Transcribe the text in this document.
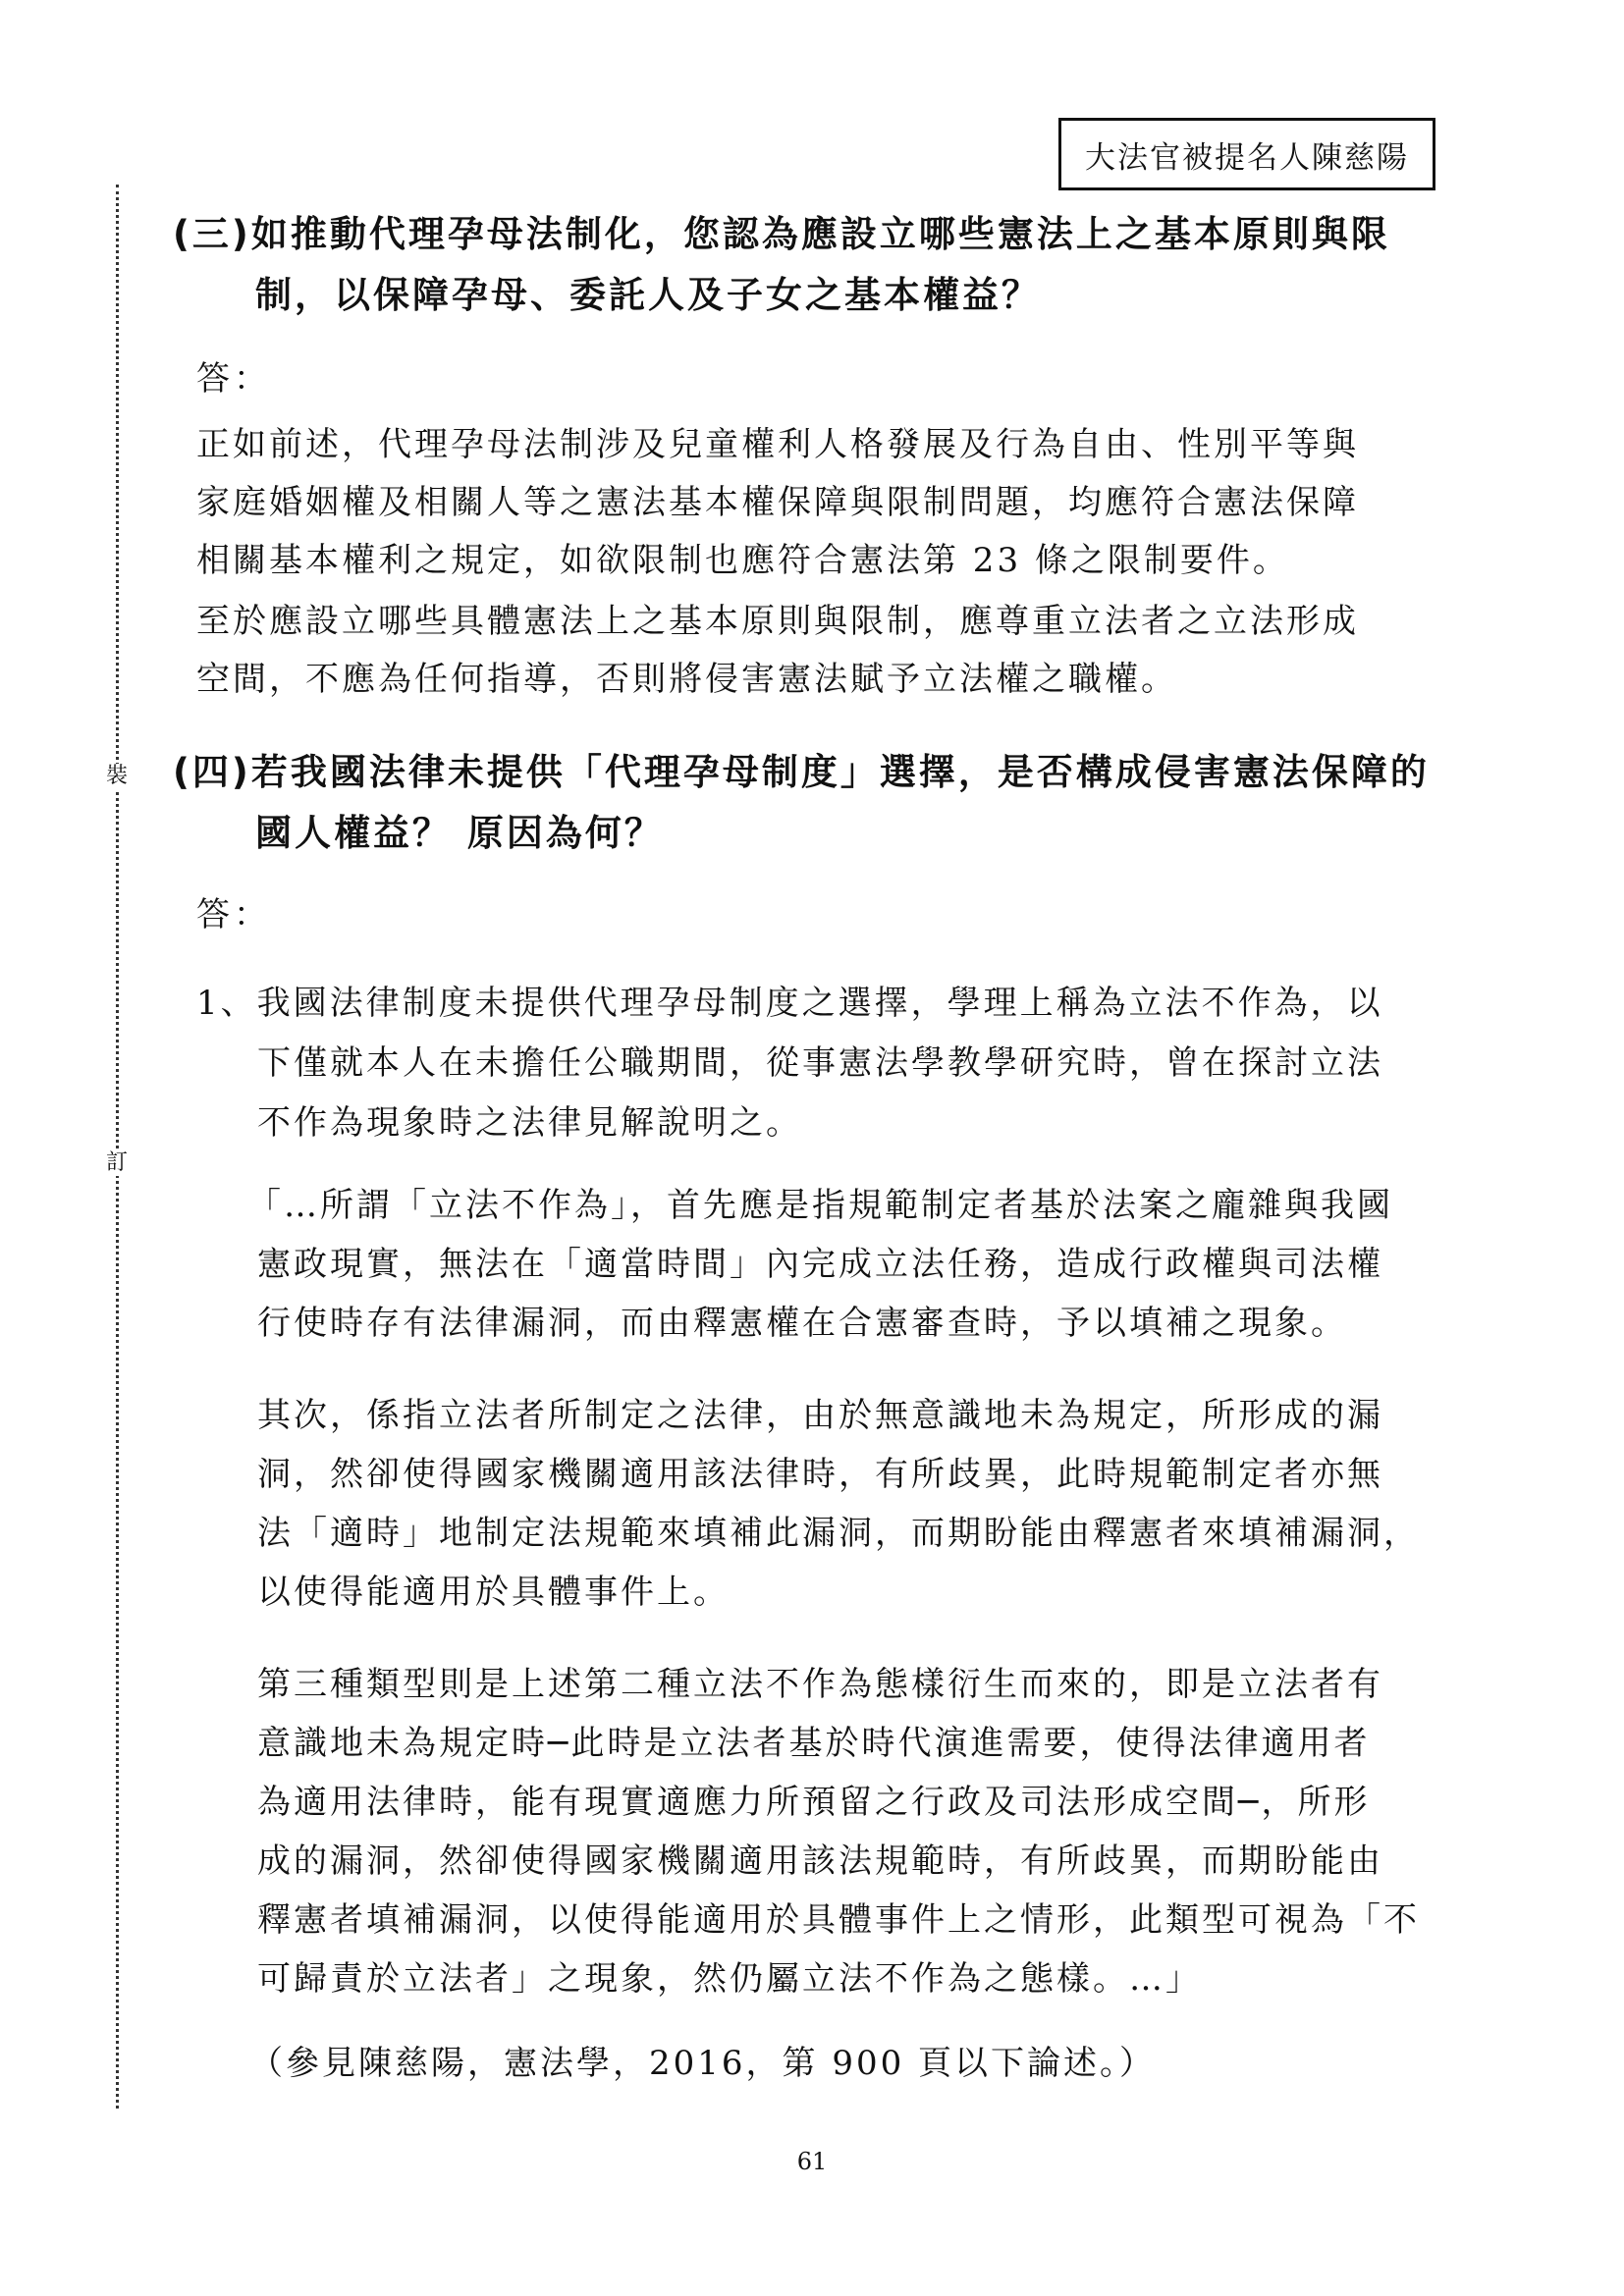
裝
訂
大法官被提名人陳慈陽
(三)如推動代理孕母法制化，您認為應設立哪些憲法上之基本原則與限
制，以保障孕母、委託人及子女之基本權益？
答：
正如前述，代理孕母法制涉及兒童權利人格發展及行為自由、性別平等與
家庭婚姻權及相關人等之憲法基本權保障與限制問題，均應符合憲法保障
相關基本權利之規定，如欲限制也應符合憲法第 23 條之限制要件。
至於應設立哪些具體憲法上之基本原則與限制，應尊重立法者之立法形成
空間，不應為任何指導，否則將侵害憲法賦予立法權之職權。
(四)若我國法律未提供「代理孕母制度」選擇，是否構成侵害憲法保障的
國人權益？ 原因為何？
答：
1、我國法律制度未提供代理孕母制度之選擇，學理上稱為立法不作為，以
下僅就本人在未擔任公職期間，從事憲法學教學研究時，曾在探討立法
不作為現象時之法律見解說明之。
「…所謂「立法不作為」，首先應是指規範制定者基於法案之龐雜與我國
憲政現實，無法在「適當時間」內完成立法任務，造成行政權與司法權
行使時存有法律漏洞，而由釋憲權在合憲審查時，予以填補之現象。
其次，係指立法者所制定之法律，由於無意識地未為規定，所形成的漏
洞，然卻使得國家機關適用該法律時，有所歧異，此時規範制定者亦無
法「適時」地制定法規範來填補此漏洞，而期盼能由釋憲者來填補漏洞，
以使得能適用於具體事件上。
第三種類型則是上述第二種立法不作為態樣衍生而來的，即是立法者有
意識地未為規定時─此時是立法者基於時代演進需要，使得法律適用者
為適用法律時，能有現實適應力所預留之行政及司法形成空間─，所形
成的漏洞，然卻使得國家機關適用該法規範時，有所歧異，而期盼能由
釋憲者填補漏洞，以使得能適用於具體事件上之情形，此類型可視為「不
可歸責於立法者」之現象，然仍屬立法不作為之態樣。…」
（參見陳慈陽，憲法學，2016，第 900 頁以下論述。）
61
